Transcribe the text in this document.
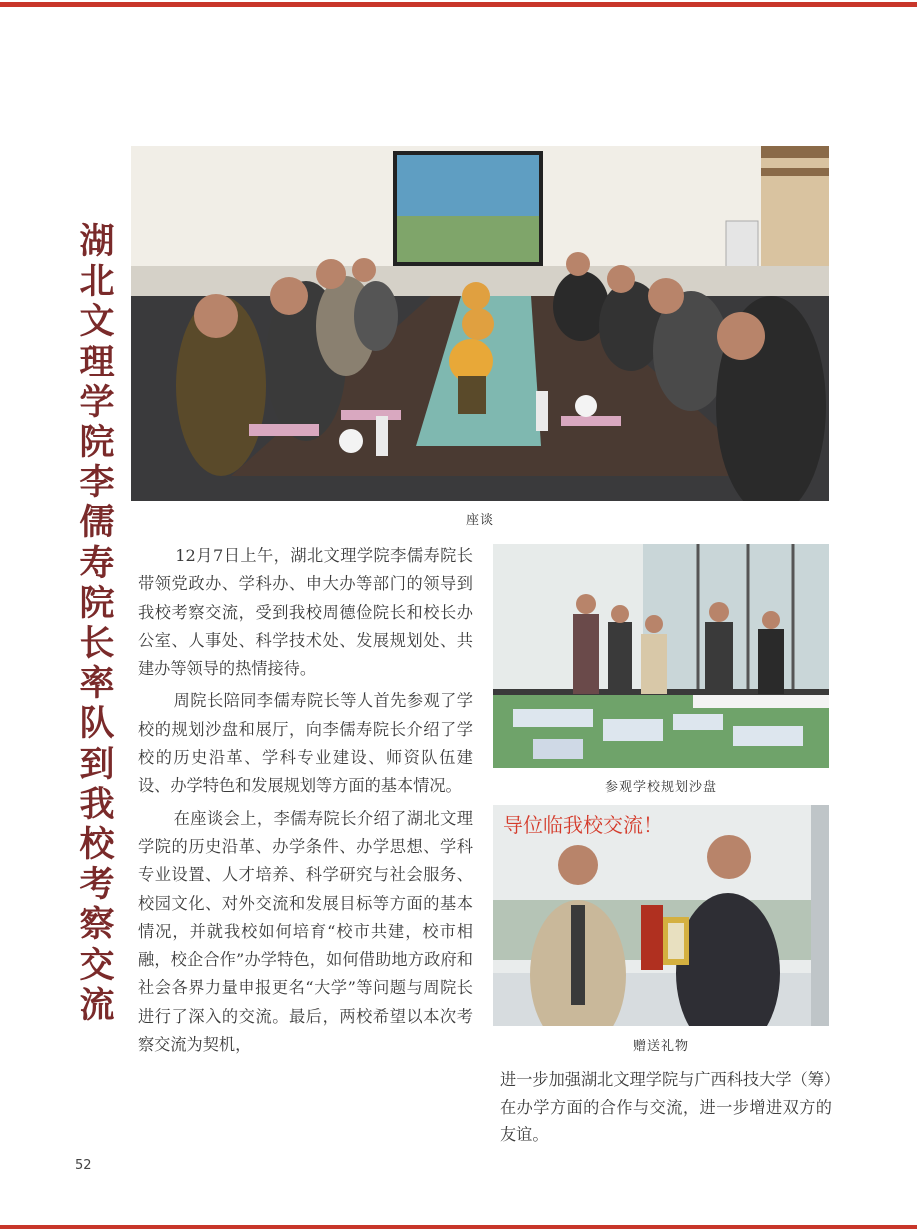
湖北文理学院李儒寿院长率队到我校考察交流
座谈

12月7日上午，湖北文理学院李儒寿院长带领党政办、学科办、申大办等部门的领导到我校考察交流，受到我校周德俭院长和校长办公室、人事处、科学技术处、发展规划处、共建办等领导的热情接待。

周院长陪同李儒寿院长等人首先参观了学校的规划沙盘和展厅，向李儒寿院长介绍了学校的历史沿革、学科专业建设、师资队伍建设、办学特色和发展规划等方面的基本情况。

在座谈会上，李儒寿院长介绍了湖北文理学院的历史沿革、办学条件、办学思想、学科专业设置、人才培养、科学研究与社会服务、校园文化、对外交流和发展目标等方面的基本情况，并就我校如何培育“校市共建，校市相融，校企合作”办学特色，如何借助地方政府和社会各界力量申报更名“大学”等问题与周院长进行了深入的交流。最后，两校希望以本次考察交流为契机，

参观学校规划沙盘
导位临我校交流！
赠送礼物

进一步加强湖北文理学院与广西科技大学（筹）在办学方面的合作与交流，进一步增进双方的友谊。

52
